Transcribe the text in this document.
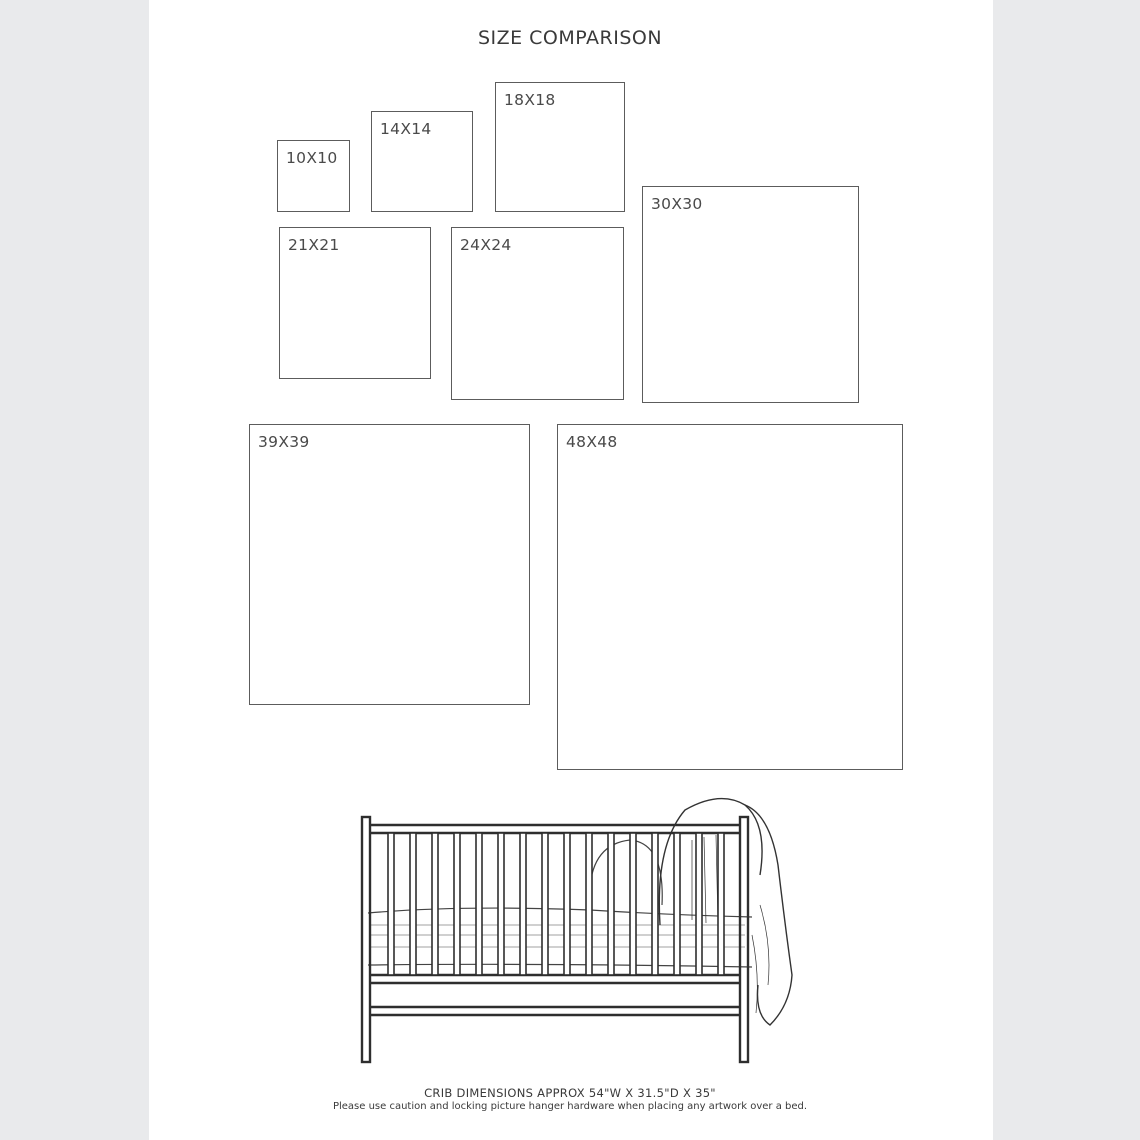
SIZE COMPARISON
10X10
14X14
18X18
21X21	24X24
30X30
39X39	48X48
CRIB DIMENSIONS APPROX 54"W X 31.5"D X 35"
Please use caution and locking picture hanger hardware when placing any artwork over a bed.
